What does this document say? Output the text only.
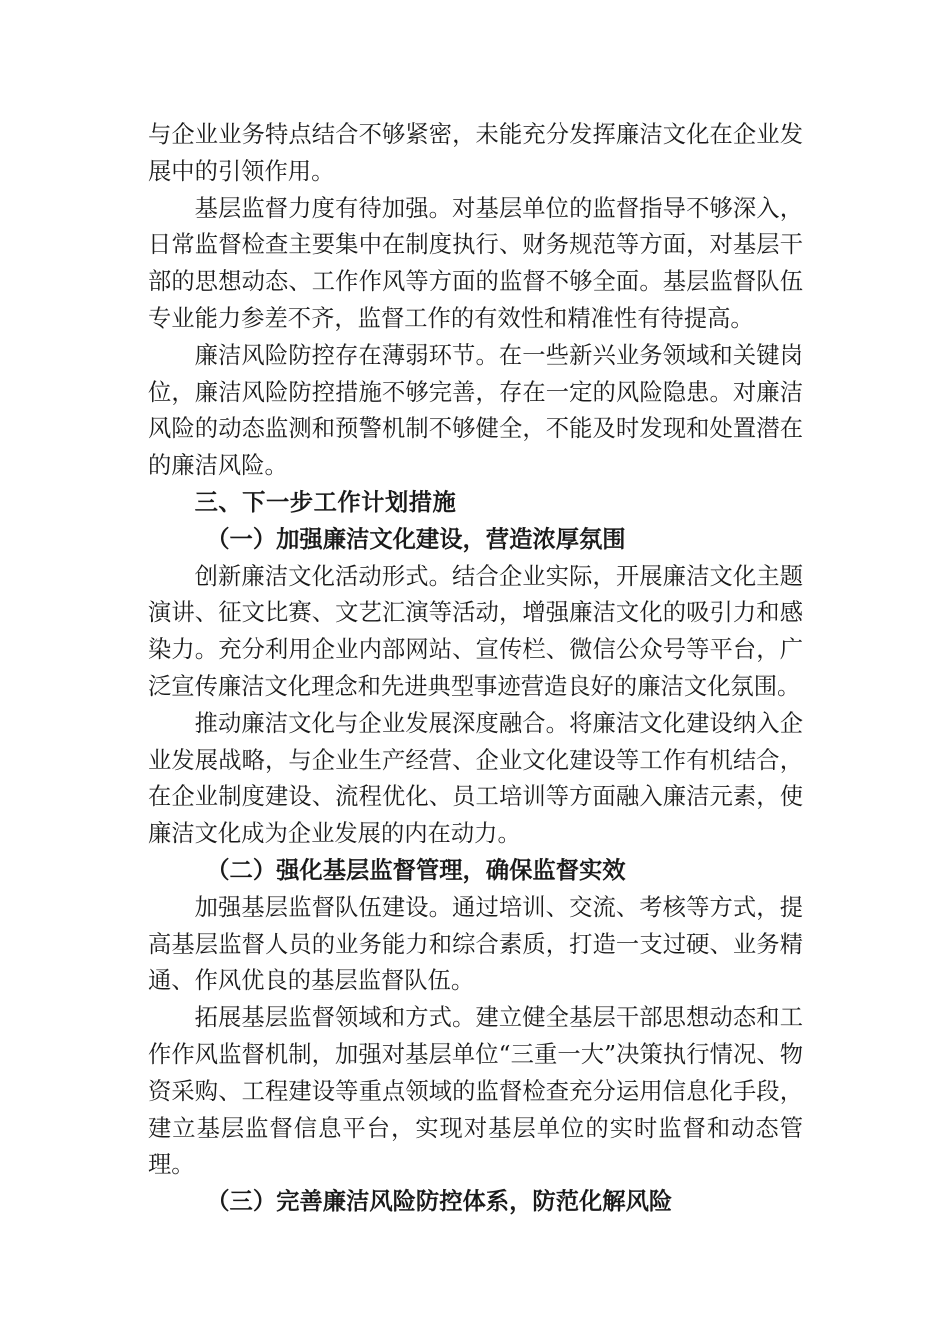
与企业业务特点结合不够紧密，未能充分发挥廉洁文化在企业发展中的引领作用。

基层监督力度有待加强。对基层单位的监督指导不够深入，日常监督检查主要集中在制度执行、财务规范等方面，对基层干部的思想动态、工作作风等方面的监督不够全面。基层监督队伍专业能力参差不齐，监督工作的有效性和精准性有待提高。

廉洁风险防控存在薄弱环节。在一些新兴业务领域和关键岗位，廉洁风险防控措施不够完善，存在一定的风险隐患。对廉洁风险的动态监测和预警机制不够健全，不能及时发现和处置潜在的廉洁风险。

三、下一步工作计划措施

（一）加强廉洁文化建设，营造浓厚氛围

创新廉洁文化活动形式。结合企业实际，开展廉洁文化主题演讲、征文比赛、文艺汇演等活动，增强廉洁文化的吸引力和感染力。充分利用企业内部网站、宣传栏、微信公众号等平台，广泛宣传廉洁文化理念和先进典型事迹营造良好的廉洁文化氛围。

推动廉洁文化与企业发展深度融合。将廉洁文化建设纳入企业发展战略，与企业生产经营、企业文化建设等工作有机结合，在企业制度建设、流程优化、员工培训等方面融入廉洁元素，使廉洁文化成为企业发展的内在动力。

（二）强化基层监督管理，确保监督实效

加强基层监督队伍建设。通过培训、交流、考核等方式，提高基层监督人员的业务能力和综合素质，打造一支过硬、业务精通、作风优良的基层监督队伍。

拓展基层监督领域和方式。建立健全基层干部思想动态和工作作风监督机制，加强对基层单位“三重一大”决策执行情况、物资采购、工程建设等重点领域的监督检查充分运用信息化手段，建立基层监督信息平台，实现对基层单位的实时监督和动态管理。

（三）完善廉洁风险防控体系，防范化解风险
